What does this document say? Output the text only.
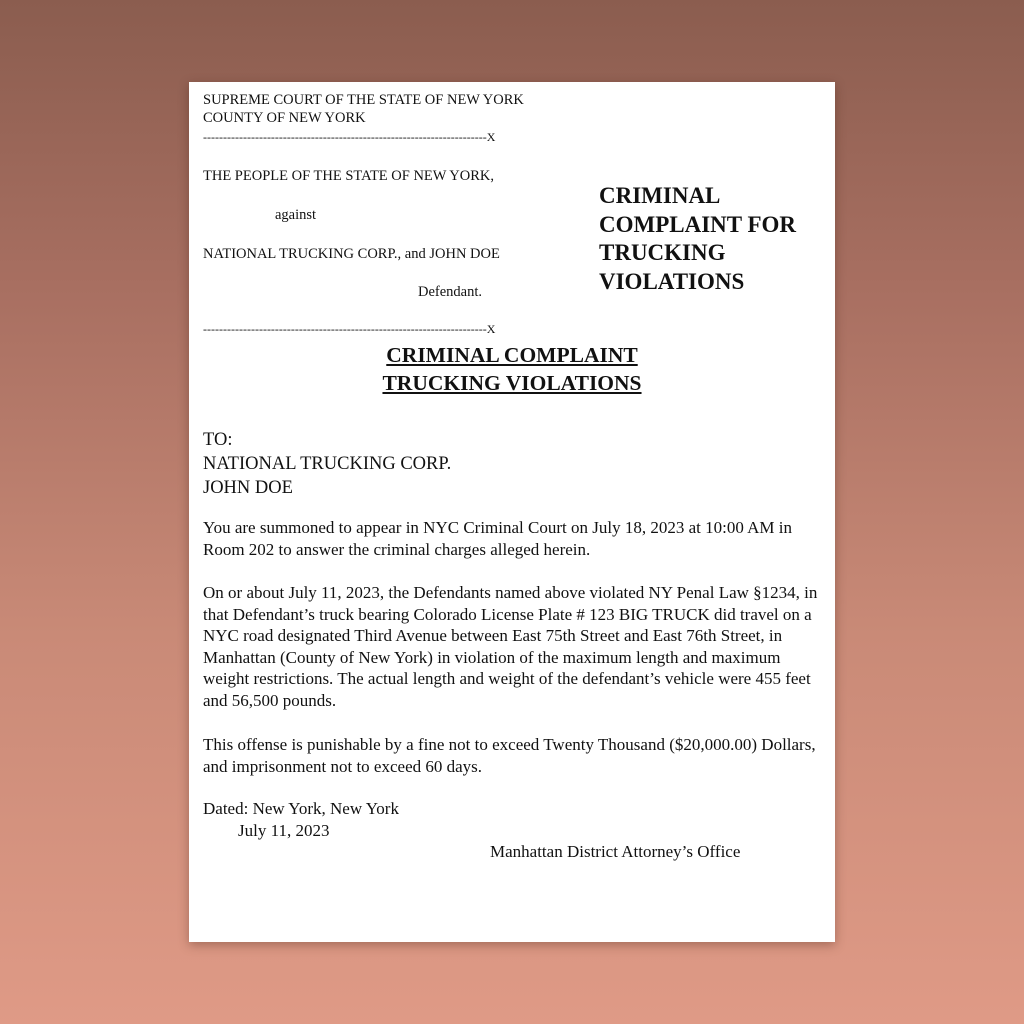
SUPREME COURT OF THE STATE OF NEW YORK
COUNTY OF NEW YORK
-----------------------------------------------------------------------X
THE PEOPLE OF THE STATE OF NEW YORK,
against
NATIONAL TRUCKING CORP., and JOHN DOE
Defendant.
-----------------------------------------------------------------------X
CRIMINAL
COMPLAINT FOR
TRUCKING
VIOLATIONS
CRIMINAL COMPLAINT
TRUCKING VIOLATIONS
TO:
NATIONAL TRUCKING CORP.
JOHN DOE
You are summoned to appear in NYC Criminal Court on July 18, 2023 at 10:00 AM in Room 202 to answer the criminal charges alleged herein.
On or about July 11, 2023, the Defendants named above violated NY Penal Law §1234, in that Defendant’s truck bearing Colorado License Plate # 123 BIG TRUCK did travel on a NYC road designated Third Avenue between East 75th Street and East 76th Street, in Manhattan (County of New York) in violation of the maximum length and maximum weight restrictions. The actual length and weight of the defendant’s vehicle were 455 feet and 56,500 pounds.
This offense is punishable by a fine not to exceed Twenty Thousand ($20,000.00) Dollars, and imprisonment not to exceed 60 days.
Dated: New York, New York
July 11, 2023
Manhattan District Attorney’s Office
